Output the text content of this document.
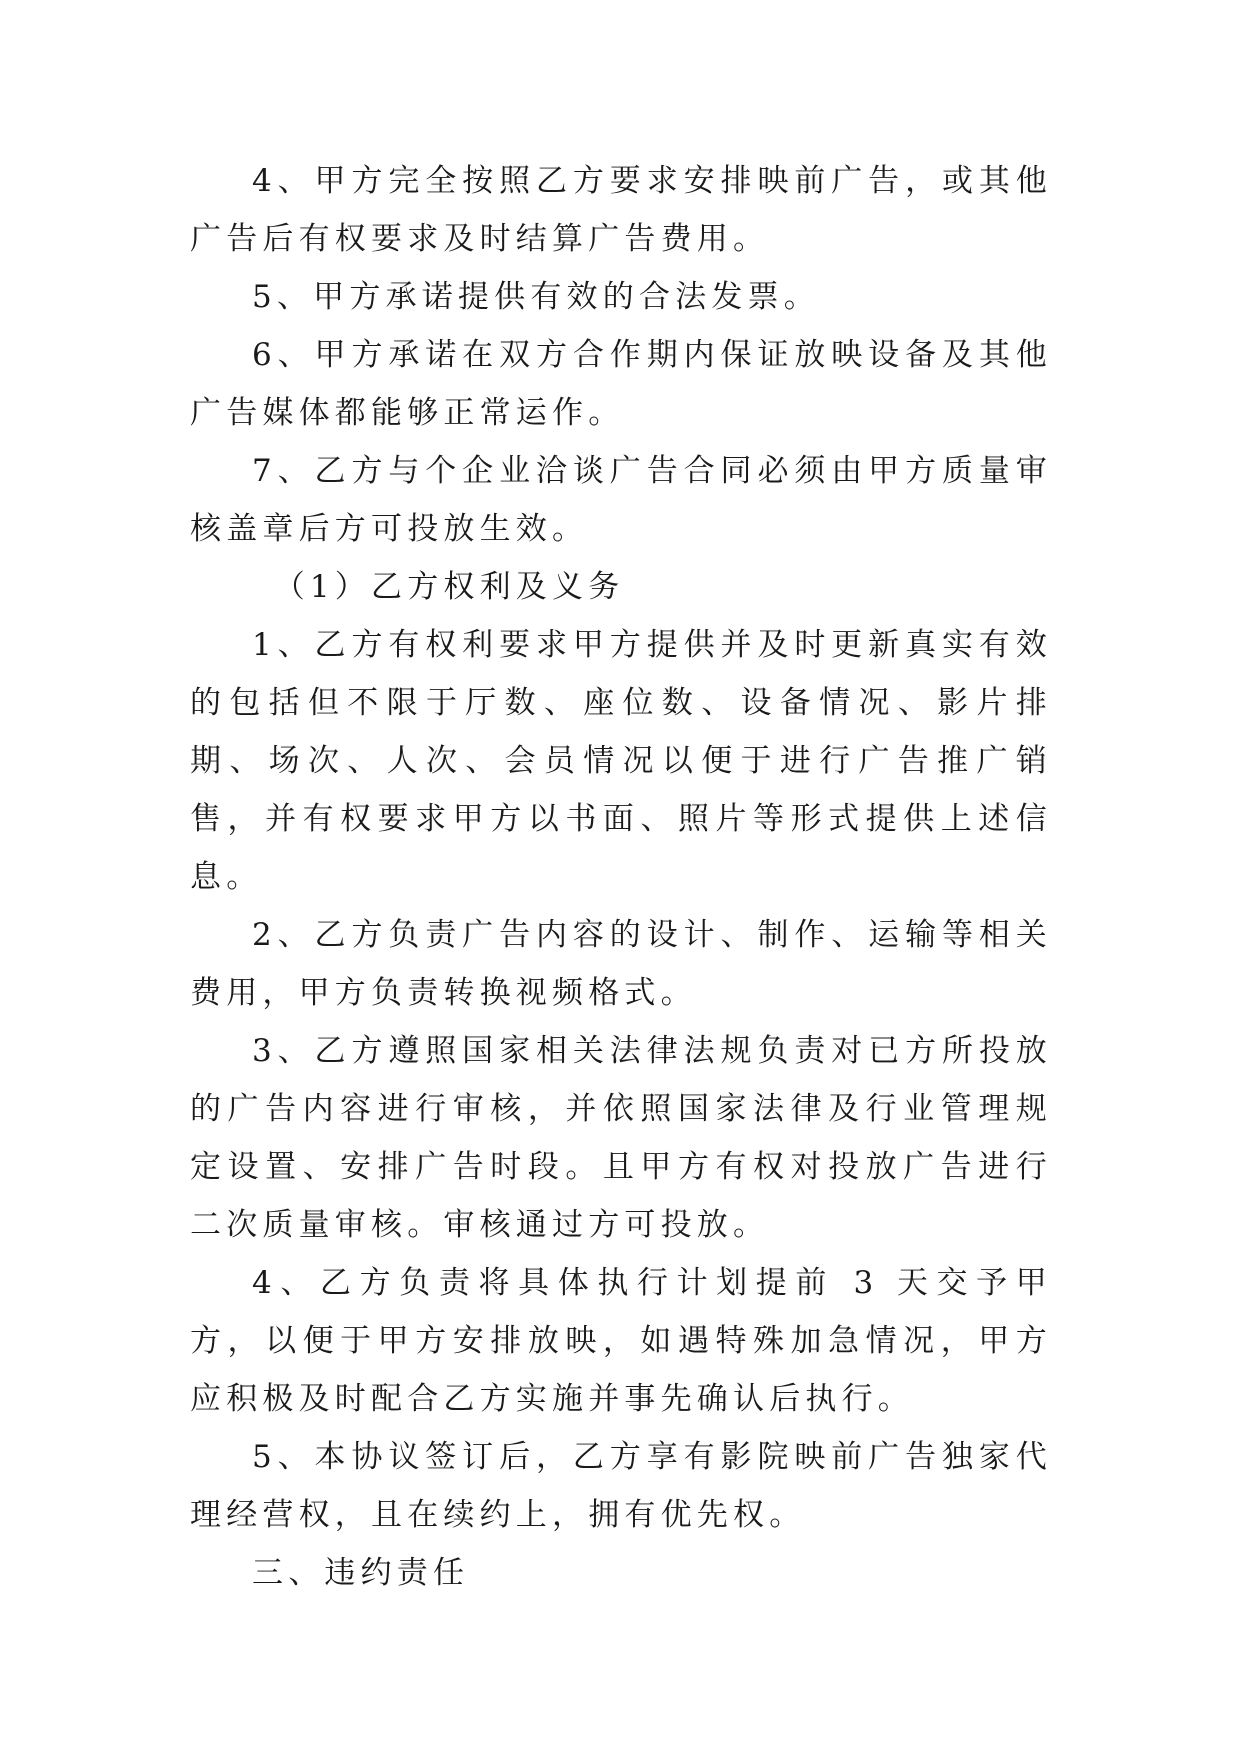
4、甲方完全按照乙方要求安排映前广告，或其他广告后有权要求及时结算广告费用。

5、甲方承诺提供有效的合法发票。

6、甲方承诺在双方合作期内保证放映设备及其他广告媒体都能够正常运作。

7、乙方与个企业洽谈广告合同必须由甲方质量审核盖章后方可投放生效。

（1）乙方权利及义务

1、乙方有权利要求甲方提供并及时更新真实有效的包括但不限于厅数、座位数、设备情况、影片排期、场次、人次、会员情况以便于进行广告推广销售，并有权要求甲方以书面、照片等形式提供上述信息。

2、乙方负责广告内容的设计、制作、运输等相关费用，甲方负责转换视频格式。

3、乙方遵照国家相关法律法规负责对已方所投放的广告内容进行审核，并依照国家法律及行业管理规定设置、安排广告时段。且甲方有权对投放广告进行二次质量审核。审核通过方可投放。

4、乙方负责将具体执行计划提前 3 天交予甲方，以便于甲方安排放映，如遇特殊加急情况，甲方应积极及时配合乙方实施并事先确认后执行。

5、本协议签订后，乙方享有影院映前广告独家代理经营权，且在续约上，拥有优先权。

三、违约责任
